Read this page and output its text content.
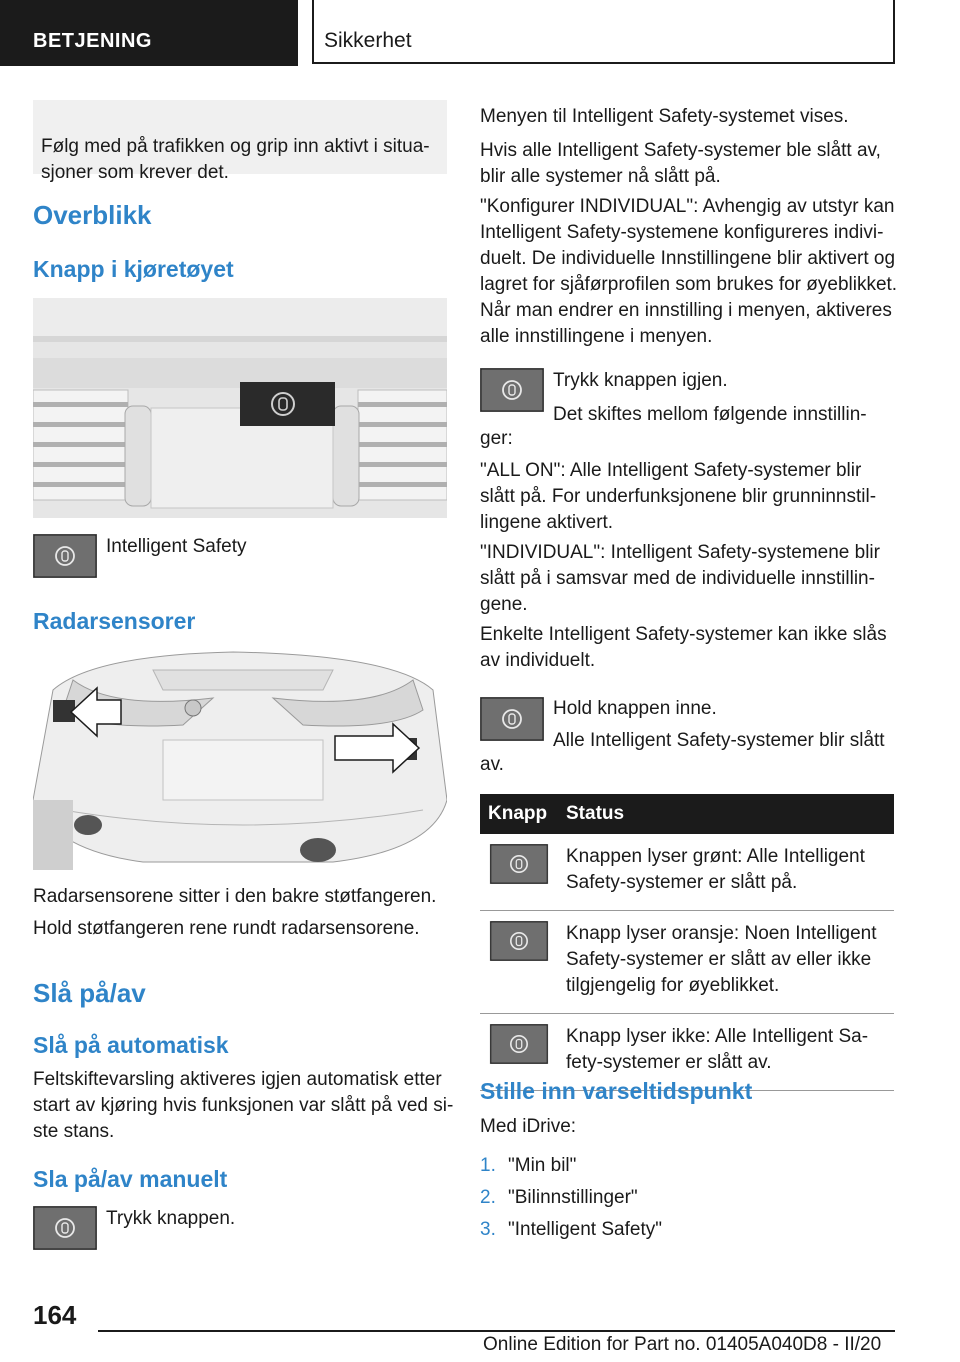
BETJENING	Sikkerhet

Følg med på trafikken og grip inn aktivt i situa-
sjoner som krever det.

Overblikk
Knapp i kjøretøyet
Intelligent Safety
Radarsensorer
Radarsensorene sitter i den bakre støtfangeren.
Hold støtfangeren rene rundt radarsensorene.
Slå på/av
Slå på automatisk
Feltskiftevarsling aktiveres igjen automatisk etter
start av kjøring hvis funksjonen var slått på ved si-
ste stans.
Sla på/av manuelt
Trykk knappen.
Menyen til Intelligent Safety-systemet vises.
Hvis alle Intelligent Safety-systemer ble slått av,
blir alle systemer nå slått på.
"Konfigurer INDIVIDUAL": Avhengig av utstyr kan
Intelligent Safety-systemene konfigureres indivi-
duelt. De individuelle Innstillingene blir aktivert og
lagret for sjåførprofilen som brukes for øyeblikket.
Når man endrer en innstilling i menyen, aktiveres
alle innstillingene i menyen.
Trykk knappen igjen.
Det skiftes mellom følgende innstillin-
ger:
"ALL ON": Alle Intelligent Safety-systemer blir
slått på. For underfunksjonene blir grunninnstil-
lingene aktivert.
"INDIVIDUAL": Intelligent Safety-systemene blir
slått på i samsvar med de individuelle innstillin-
gene.
Enkelte Intelligent Safety-systemer kan ikke slås
av individuelt.
Hold knappen inne.
Alle Intelligent Safety-systemer blir slått
av.
Knapp	Status
	Knappen lyser grønt: Alle Intelligent
Safety-systemer er slått på.
	Knapp lyser oransje: Noen Intelligent
Safety-systemer er slått av eller ikke
tilgjengelig for øyeblikket.
	Knapp lyser ikke: Alle Intelligent Sa-
fety-systemer er slått av.
Stille inn varseltidspunkt
Med iDrive:
1. "Min bil"
2. "Bilinnstillinger"
3. "Intelligent Safety"
164
Online Edition for Part no. 01405A040D8 - II/20
